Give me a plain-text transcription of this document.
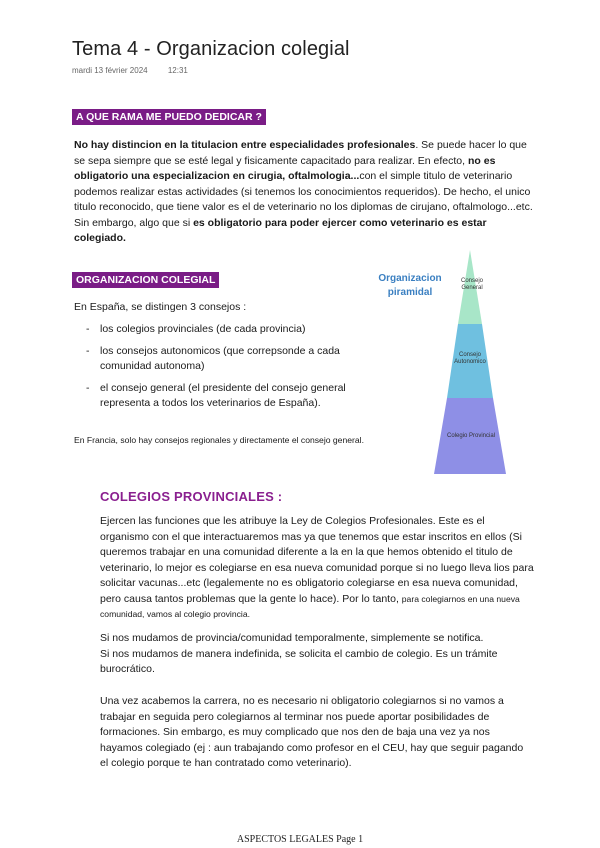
Tema 4 - Organizacion colegial
mardi 13 février 2024	12:31
A QUE RAMA ME PUEDO DEDICAR ?
No hay distincion en la titulacion entre especialidades profesionales. Se puede hacer lo que se sepa siempre que se esté legal y fisicamente capacitado para realizar. En efecto, no es obligatorio una especializacion en cirugia, oftalmologia...con el simple titulo de veterinario podemos realizar estas actividades (si tenemos los conocimientos requeridos). De hecho, el unico titulo reconocido, que tiene valor es el de veterinario no los diplomas de cirujano, oftalmologo...etc. Sin embargo, algo que si es obligatorio para poder ejercer como veterinario es estar colegiado.
ORGANIZACION COLEGIAL
En España, se distingen 3 consejos :
- los colegios provinciales (de cada provincia)
- los consejos autonomicos (que correpsonde a cada comunidad autonoma)
- el consejo general (el presidente del consejo general representa a todos los veterinarios de España).
En Francia, solo hay consejos regionales y directamente el consejo general.
Organizacion piramidal
Consejo General
Consejo Autonomico
Colegio Provincial
COLEGIOS PROVINCIALES :
Ejercen las funciones que les atribuye la Ley de Colegios Profesionales. Este es el organismo con el que interactuaremos mas ya que tenemos que estar inscritos en ellos (Si queremos trabajar en una comunidad diferente a la en la que hemos obtenido el titulo de veterinario, lo mejor es colegiarse en esa nueva comunidad porque si no luego lleva lios para solicitar vacunas...etc (legalemente no es obligatorio colegiarse en esa nueva comunidad, pero causa tantos problemas que la gente lo hace). Por lo tanto, para colegiarnos en una nueva comunidad, vamos al colegio provincia.
Si nos mudamos de provincia/comunidad temporalmente, simplemente se notifica.
Si nos mudamos de manera indefinida, se solicita el cambio de colegio. Es un trámite burocrático.
Una vez acabemos la carrera, no es necesario ni obligatorio colegiarnos si no vamos a trabajar en seguida pero colegiarnos al terminar nos puede aportar posibilidades de formaciones. Sin embargo, es muy complicado que nos den de baja una vez ya nos hayamos colegiado (ej : aun trabajando como profesor en el CEU, hay que seguir pagando el colegio porque te han contratado como veterinario).
ASPECTOS LEGALES Page 1
